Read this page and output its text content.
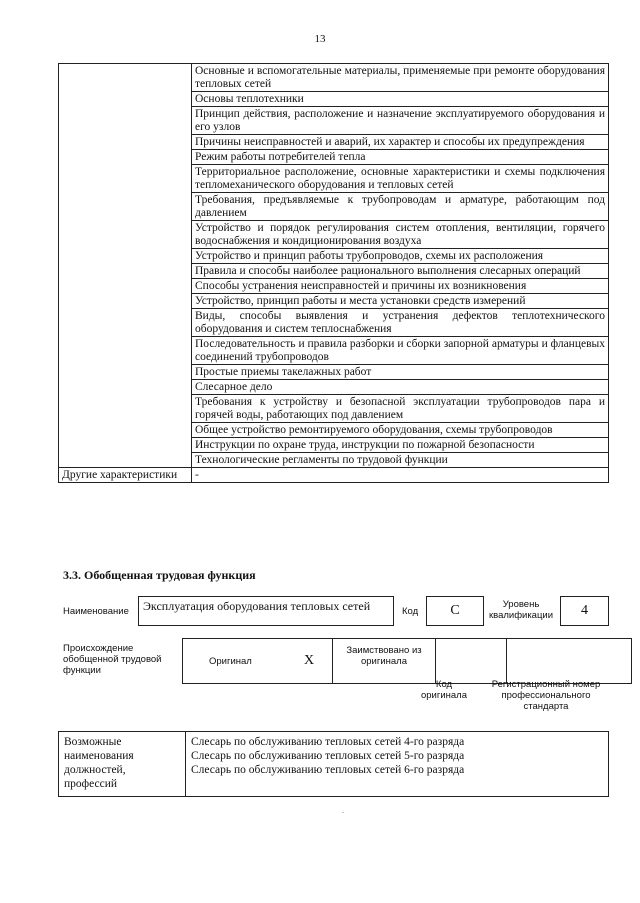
13
	Основные и вспомогательные материалы, применяемые при ремонте оборудования тепловых сетей
	Основы теплотехники
	Принцип действия, расположение и назначение эксплуатируемого оборудования и его узлов
	Причины неисправностей и аварий, их характер и способы их предупреждения
	Режим работы потребителей тепла
	Территориальное расположение, основные характеристики и схемы подключения тепломеханического оборудования и тепловых сетей
	Требования, предъявляемые к трубопроводам и арматуре, работающим под давлением
	Устройство и порядок регулирования систем отопления, вентиляции, горячего водоснабжения и кондиционирования воздуха
	Устройство и принцип работы трубопроводов, схемы их расположения
	Правила и способы наиболее рационального выполнения слесарных операций
	Способы устранения неисправностей и причины их возникновения
	Устройство, принцип работы и места установки средств измерений
	Виды, способы выявления и устранения дефектов теплотехнического оборудования и систем теплоснабжения
	Последовательность и правила разборки и сборки запорной арматуры и фланцевых соединений трубопроводов
	Простые приемы такелажных работ
	Слесарное дело
	Требования к устройству и безопасной эксплуатации трубопроводов пара и горячей воды, работающих под давлением
	Общее устройство ремонтируемого оборудования, схемы трубопроводов
	Инструкции по охране труда, инструкции по пожарной безопасности
	Технологические регламенты по трудовой функции
Другие характеристики	-
3.3. Обобщенная трудовая функция
Наименование	Эксплуатация оборудования тепловых сетей	Код	C	Уровень квалификации	4
Происхождение обобщенной трудовой функции
Оригинал	X	Заимствовано из оригинала		
Код оригинала
Регистрационный номер профессионального стандарта
Возможные наименования должностей, профессий	
Слесарь по обслуживанию тепловых сетей 4-го разряда
Слесарь по обслуживанию тепловых сетей 5-го разряда
Слесарь по обслуживанию тепловых сетей 6-го разряда
.
